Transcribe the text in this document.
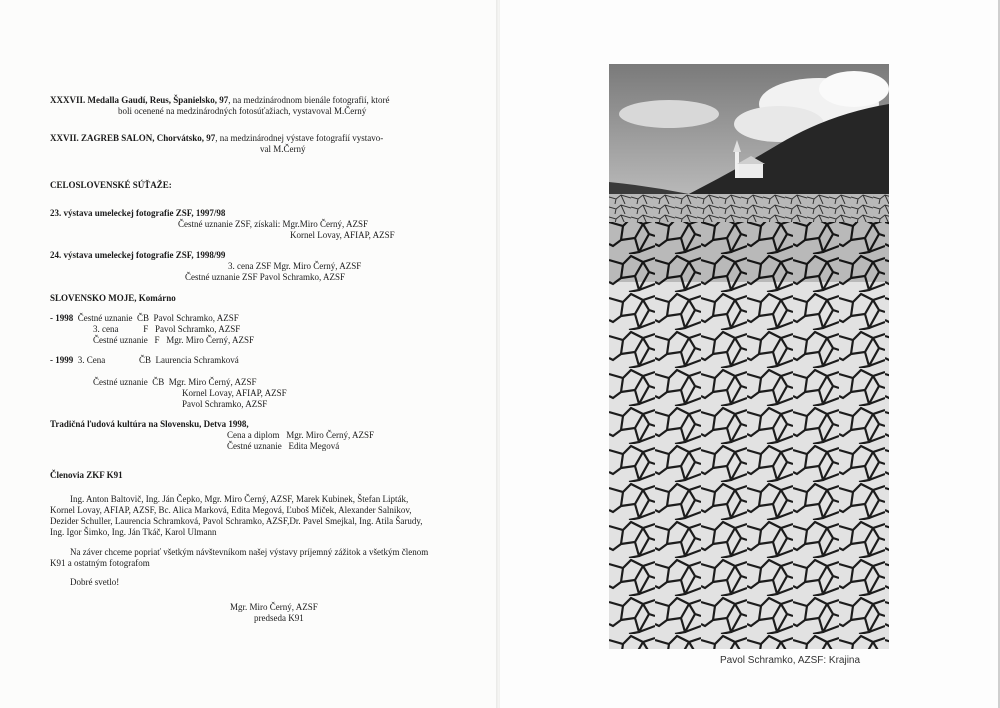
XXXVII. Medalla Gaudí, Reus, Španielsko, 97, na medzinárodnom bienále fotografií, ktoré
boli ocenené na medzinárodných fotosúťažiach, vystavoval M.Černý
XXVII. ZAGREB SALON, Chorvátsko, 97, na medzinárodnej výstave fotografií vystavo-
val M.Černý
CELOSLOVENSKÉ SÚŤAŽE:
23. výstava umeleckej fotografie ZSF, 1997/98
Čestné uznanie ZSF, získali: Mgr.Miro Černý, AZSF
Kornel Lovay, AFIAP, AZSF
24. výstava umeleckej fotografie ZSF, 1998/99
3. cena ZSF Mgr. Miro Černý, AZSF
Čestné uznanie ZSF Pavol Schramko, AZSF
SLOVENSKO MOJE, Komárno
- 1998  Čestné uznanie  ČB  Pavol Schramko, AZSF
3. cena           F   Pavol Schramko, AZSF
Čestné uznanie   F   Mgr. Miro Černý, AZSF
- 1999  3. Cena               ČB  Laurencia Schramková
Čestné uznanie  ČB  Mgr. Miro Černý, AZSF
Kornel Lovay, AFIAP, AZSF
Pavol Schramko, AZSF
Tradičná ľudová kultúra na Slovensku, Detva 1998,
Cena a diplom   Mgr. Miro Černý, AZSF
Čestné uznanie   Edita Megová
Členovia ZKF K91
Ing. Anton Baltovič, Ing. Ján Čepko, Mgr. Miro Černý, AZSF, Marek Kubinek, Štefan Lipták,
Kornel Lovay, AFIAP, AZSF, Bc. Alica Marková, Edita Megová, Ľuboš Miček, Alexander Salnikov,
Dezider Schuller, Laurencia Schramková, Pavol Schramko, AZSF,Dr. Pavel Smejkal, Ing. Atila Šarudy,
Ing. Igor Šimko, Ing. Ján Tkáč, Karol Ulmann
Na záver chceme popriať všetkým návštevníkom našej výstavy príjemný zážitok a všetkým členom
K91 a ostatným fotografom
Dobré svetlo!
Mgr. Miro Černý, AZSF
predseda K91
Pavol Schramko, AZSF: Krajina
